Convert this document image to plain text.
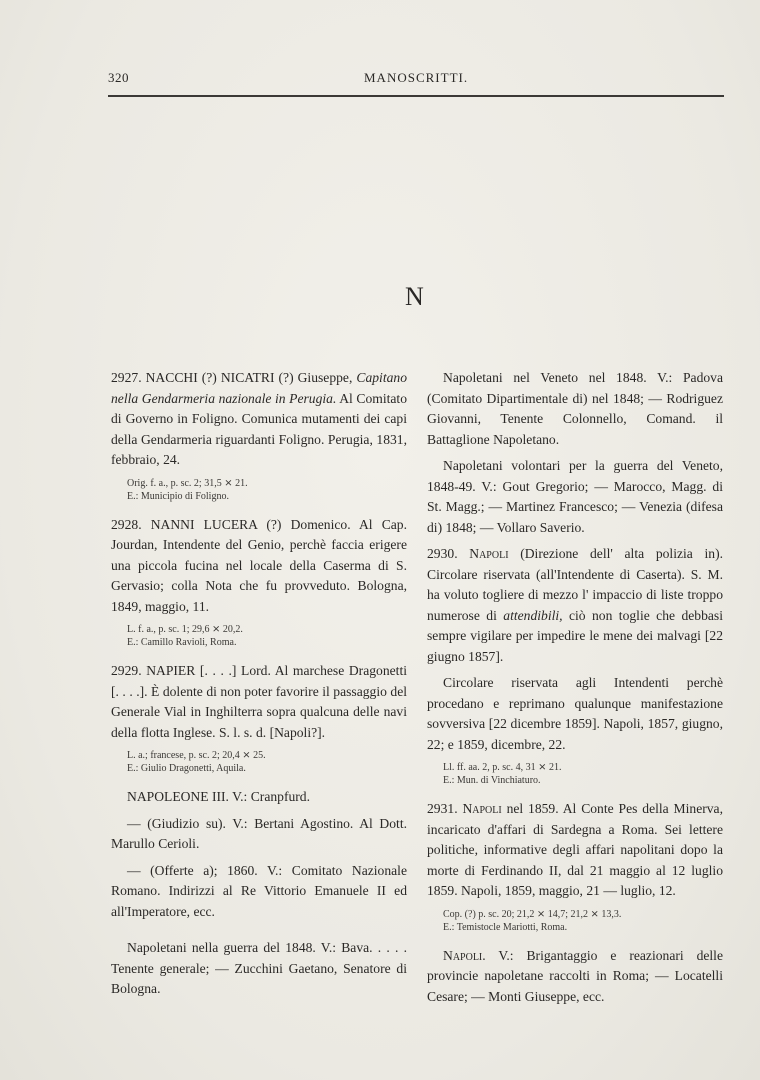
320	MANOSCRITTI.
N

2927. NACCHI (?) NICATRI (?) Giuseppe, Capitano nella Gendarmeria nazionale in Perugia. Al Comitato di Governo in Foligno. Comunica mutamenti dei capi della Gendarmeria riguardanti Foligno. Perugia, 1831, febbraio, 24.

Orig. f. a., p. sc. 2; 31,5 ⨯ 21.
E.: Municipio di Foligno.

2928. NANNI LUCERA (?) Domenico. Al Cap. Jourdan, Intendente del Genio, perchè faccia erigere una piccola fucina nel locale della Caserma di S. Gervasio; colla Nota che fu provveduto. Bologna, 1849, maggio, 11.

L. f. a., p. sc. 1; 29,6 ⨯ 20,2.
E.: Camillo Ravioli, Roma.

2929. NAPIER [. . . .] Lord. Al marchese Dragonetti [. . . .]. È dolente di non poter favorire il passaggio del Generale Vial in Inghilterra sopra qualcuna delle navi della flotta Inglese. S. l. s. d. [Napoli?].

L. a.; francese, p. sc. 2; 20,4 ⨯ 25.
E.: Giulio Dragonetti, Aquila.

NAPOLEONE III. V.: Cranpfurd.

— (Giudizio su). V.: Bertani Agostino. Al Dott. Marullo Cerioli.

— (Offerte a); 1860. V.: Comitato Nazionale Romano. Indirizzi al Re Vittorio Emanuele II ed all'Imperatore, ecc.

Napoletani nella guerra del 1848. V.: Bava. . . . . Tenente generale; — Zucchini Gaetano, Senatore di Bologna.

Napoletani nel Veneto nel 1848. V.: Padova (Comitato Dipartimentale di) nel 1848; — Rodriguez Giovanni, Tenente Colonnello, Comand. il Battaglione Napoletano.

Napoletani volontari per la guerra del Veneto, 1848-49. V.: Gout Gregorio; — Marocco, Magg. di St. Magg.; — Martinez Francesco; — Venezia (difesa di) 1848; — Vollaro Saverio.

2930. Napoli (Direzione dell' alta polizia in). Circolare riservata (all'Intendente di Caserta). S. M. ha voluto togliere di mezzo l' impaccio di liste troppo numerose di attendibili, ciò non toglie che debbasi sempre vigilare per impedire le mene dei malvagi [22 giugno 1857].

Circolare riservata agli Intendenti perchè procedano e reprimano qualunque manifestazione sovversiva [22 dicembre 1859]. Napoli, 1857, giugno, 22; e 1859, dicembre, 22.

Ll. ff. aa. 2, p. sc. 4, 31 ⨯ 21.
E.: Mun. di Vinchiaturo.

2931. Napoli nel 1859. Al Conte Pes della Minerva, incaricato d'affari di Sardegna a Roma. Sei lettere politiche, informative degli affari napolitani dopo la morte di Ferdinando II, dal 21 maggio al 12 luglio 1859. Napoli, 1859, maggio, 21 — luglio, 12.

Cop. (?) p. sc. 20; 21,2 ⨯ 14,7; 21,2 ⨯ 13,3.
E.: Temistocle Mariotti, Roma.

Napoli. V.: Brigantaggio e reazionari delle provincie napoletane raccolti in Roma; — Locatelli Cesare; — Monti Giuseppe, ecc.
